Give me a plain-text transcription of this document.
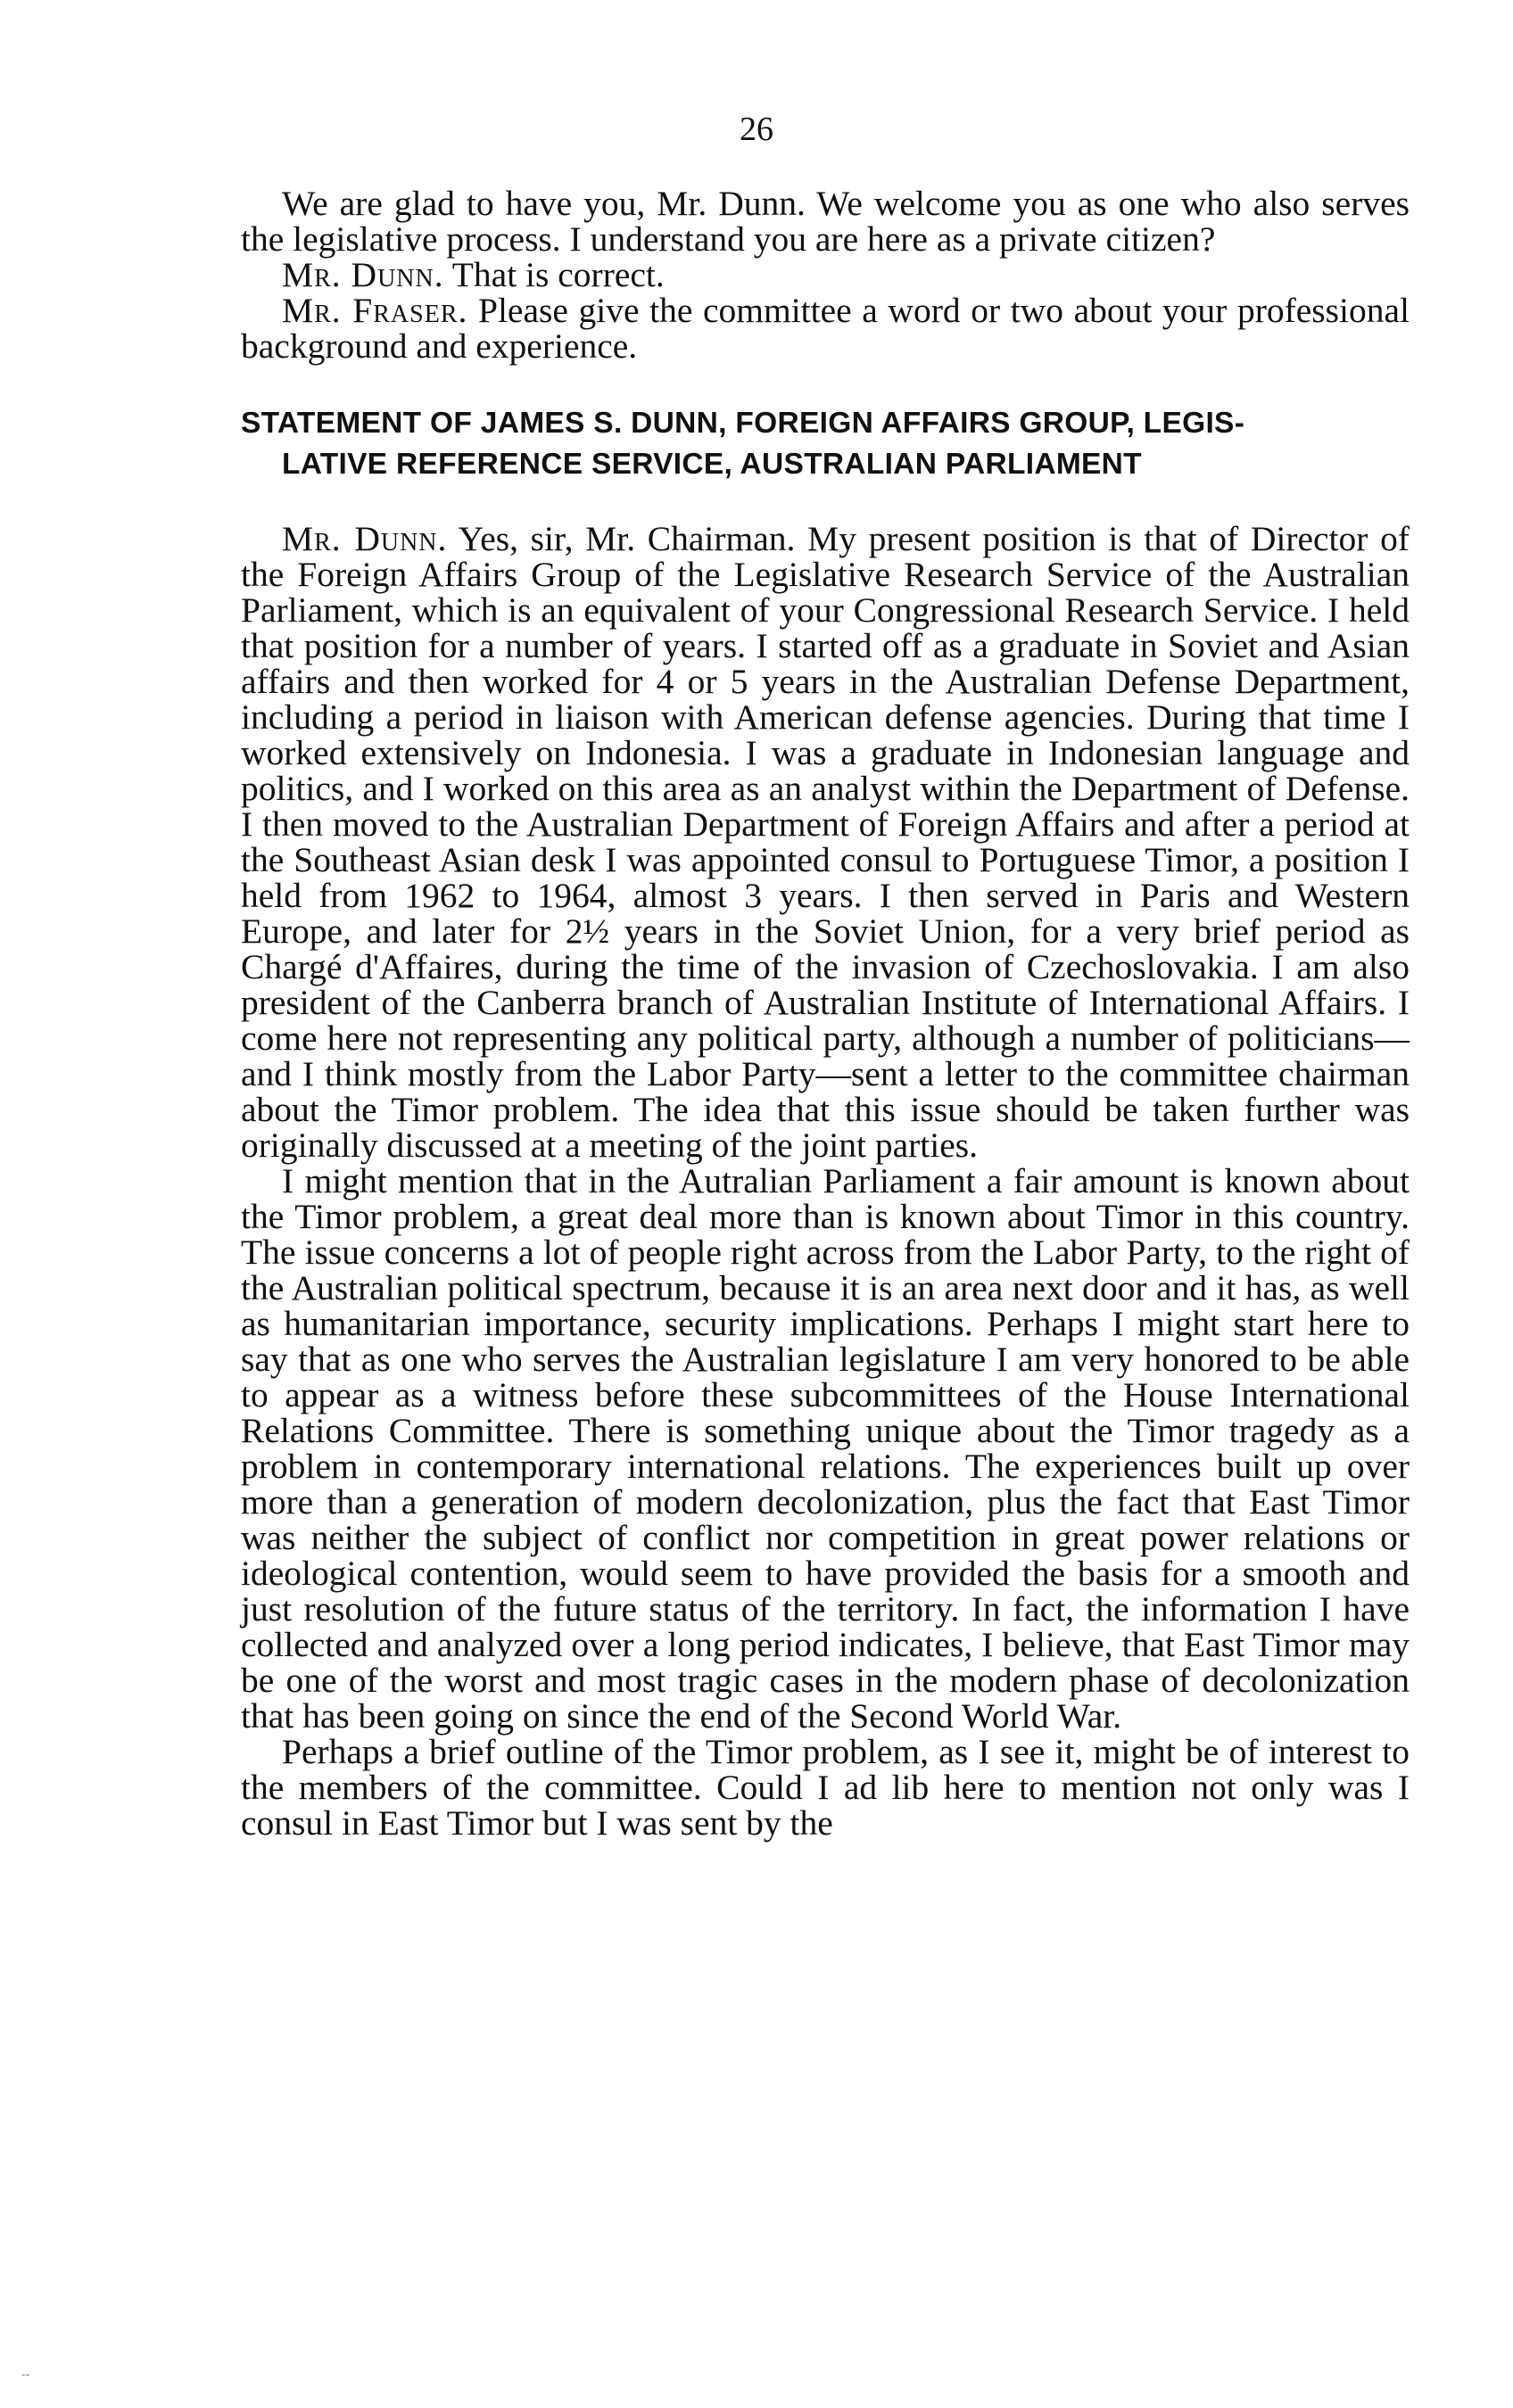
26

We are glad to have you, Mr. Dunn. We welcome you as one who also serves the legislative process. I understand you are here as a private citizen?

Mr. Dunn. That is correct.

Mr. Fraser. Please give the committee a word or two about your professional background and experience.

STATEMENT OF JAMES S. DUNN, FOREIGN AFFAIRS GROUP, LEGIS-
LATIVE REFERENCE SERVICE, AUSTRALIAN PARLIAMENT

Mr. Dunn. Yes, sir, Mr. Chairman. My present position is that of Director of the Foreign Affairs Group of the Legislative Research Service of the Australian Parliament, which is an equivalent of your Congressional Research Service. I held that position for a number of years. I started off as a graduate in Soviet and Asian affairs and then worked for 4 or 5 years in the Australian Defense Department, including a period in liaison with American defense agencies. During that time I worked extensively on Indonesia. I was a graduate in Indonesian language and politics, and I worked on this area as an analyst within the Department of Defense. I then moved to the Australian Department of Foreign Affairs and after a period at the Southeast Asian desk I was appointed consul to Portuguese Timor, a position I held from 1962 to 1964, almost 3 years. I then served in Paris and Western Europe, and later for 2½ years in the Soviet Union, for a very brief period as Chargé d'Affaires, during the time of the invasion of Czechoslovakia. I am also president of the Canberra branch of Australian Institute of International Affairs. I come here not representing any political party, although a number of politicians—and I think mostly from the Labor Party—sent a letter to the committee chairman about the Timor problem. The idea that this issue should be taken further was originally discussed at a meeting of the joint parties.

I might mention that in the Autralian Parliament a fair amount is known about the Timor problem, a great deal more than is known about Timor in this country. The issue concerns a lot of people right across from the Labor Party, to the right of the Australian political spectrum, because it is an area next door and it has, as well as humanitarian importance, security implications. Perhaps I might start here to say that as one who serves the Australian legislature I am very honored to be able to appear as a witness before these subcommittees of the House International Relations Committee. There is something unique about the Timor tragedy as a problem in contemporary international relations. The experiences built up over more than a generation of modern decolonization, plus the fact that East Timor was neither the subject of conflict nor competition in great power relations or ideological contention, would seem to have provided the basis for a smooth and just resolution of the future status of the territory. In fact, the information I have collected and analyzed over a long period indicates, I believe, that East Timor may be one of the worst and most tragic cases in the modern phase of decolonization that has been going on since the end of the Second World War.

Perhaps a brief outline of the Timor problem, as I see it, might be of interest to the members of the committee. Could I ad lib here to mention not only was I consul in East Timor but I was sent by the

--
